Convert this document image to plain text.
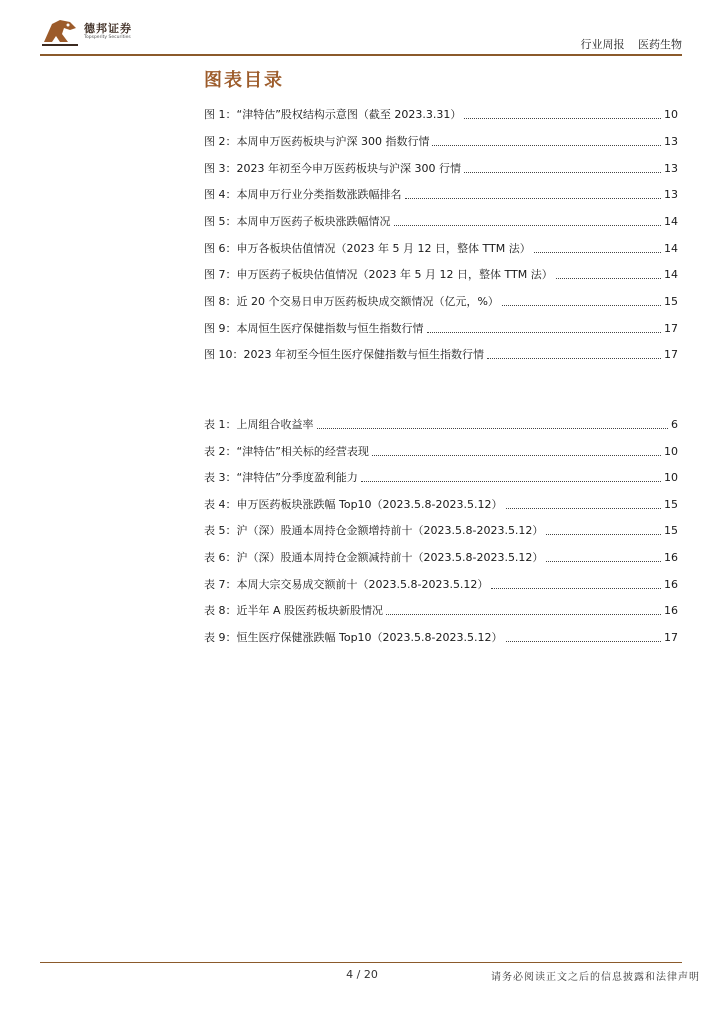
德邦证券
Topsperity Securities
行业周报 医药生物
图表目录
图 1：“津特估”股权结构示意图（截至 2023.3.31）	10
图 2：本周申万医药板块与沪深 300 指数行情	13
图 3：2023 年初至今申万医药板块与沪深 300 行情	13
图 4：本周申万行业分类指数涨跌幅排名	13
图 5：本周申万医药子板块涨跌幅情况	14
图 6：申万各板块估值情况（2023 年 5 月 12 日，整体 TTM 法）	14
图 7：申万医药子板块估值情况（2023 年 5 月 12 日，整体 TTM 法）	14
图 8：近 20 个交易日申万医药板块成交额情况（亿元，%）	15
图 9：本周恒生医疗保健指数与恒生指数行情	17
图 10：2023 年初至今恒生医疗保健指数与恒生指数行情	17
表 1：上周组合收益率	6
表 2：“津特估”相关标的经营表现	10
表 3：“津特估”分季度盈利能力	10
表 4：申万医药板块涨跌幅 Top10（2023.5.8-2023.5.12）	15
表 5：沪（深）股通本周持仓金额增持前十（2023.5.8-2023.5.12）	15
表 6：沪（深）股通本周持仓金额减持前十（2023.5.8-2023.5.12）	16
表 7：本周大宗交易成交额前十（2023.5.8-2023.5.12）	16
表 8：近半年 A 股医药板块新股情况	16
表 9：恒生医疗保健涨跌幅 Top10（2023.5.8-2023.5.12）	17
4 / 20	请务必阅读正文之后的信息披露和法律声明
